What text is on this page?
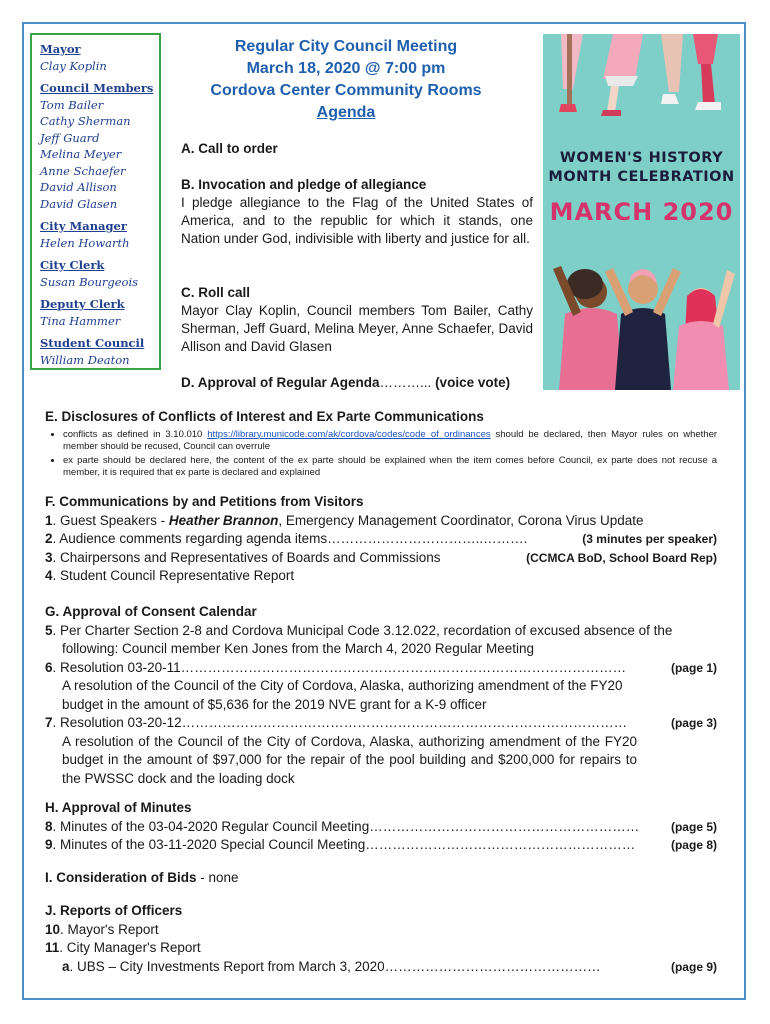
Mayor
Clay Koplin
Council Members
Tom Bailer
Cathy Sherman
Jeff Guard
Melina Meyer
Anne Schaefer
David Allison
David Glasen
City Manager
Helen Howarth
City Clerk
Susan Bourgeois
Deputy Clerk
Tina Hammer
Student Council
William Deaton
Regular City Council Meeting
March 18, 2020 @ 7:00 pm
Cordova Center Community Rooms
Agenda
WOMEN'S HISTORY
MONTH CELEBRATION
MARCH 2020
A. Call to order
B. Invocation and pledge of allegiance
I pledge allegiance to the Flag of the United States of America, and to the republic for which it stands, one Nation under God, indivisible with liberty and justice for all.
C. Roll call
Mayor Clay Koplin, Council members Tom Bailer, Cathy Sherman, Jeff Guard, Melina Meyer, Anne Schaefer, David Allison and David Glasen
D. Approval of Regular Agenda………... (voice vote)
E. Disclosures of Conflicts of Interest and Ex Parte Communications
• conflicts as defined in 3.10.010 https://library.municode.com/ak/cordova/codes/code_of_ordinances should be declared, then Mayor rules on whether member should be recused, Council can overrule
• ex parte should be declared here, the content of the ex parte should be explained when the item comes before Council, ex parte does not recuse a member, it is required that ex parte is declared and explained
F. Communications by and Petitions from Visitors
1. Guest Speakers - Heather Brannon, Emergency Management Coordinator, Corona Virus Update
2. Audience comments regarding agenda items……………………………..……….	(3 minutes per speaker)
3. Chairpersons and Representatives of Boards and Commissions	(CCMCA BoD, School Board Rep)
4. Student Council Representative Report
G. Approval of Consent Calendar
5. Per Charter Section 2-8 and Cordova Municipal Code 3.12.022, recordation of excused absence of the following: Council member Ken Jones from the March 4, 2020 Regular Meeting
6. Resolution 03-20-11………………………………………………………………………………………	(page 1)
A resolution of the Council of the City of Cordova, Alaska, authorizing amendment of the FY20 budget in the amount of $5,636 for the 2019 NVE grant for a K-9 officer
7. Resolution 03-20-12………………………………………………………………………………………	(page 3)
A resolution of the Council of the City of Cordova, Alaska, authorizing amendment of the FY20 budget in the amount of $97,000 for the repair of the pool building and $200,000 for repairs to the PWSSC dock and the loading dock
H. Approval of Minutes
8. Minutes of the 03-04-2020 Regular Council Meeting……………………………………………………	(page 5)
9. Minutes of the 03-11-2020 Special Council Meeting……………………………………………………	(page 8)
I. Consideration of Bids - none
J. Reports of Officers
10. Mayor's Report
11. City Manager's Report
a. UBS – City Investments Report from March 3, 2020…………………………………………	(page 9)
